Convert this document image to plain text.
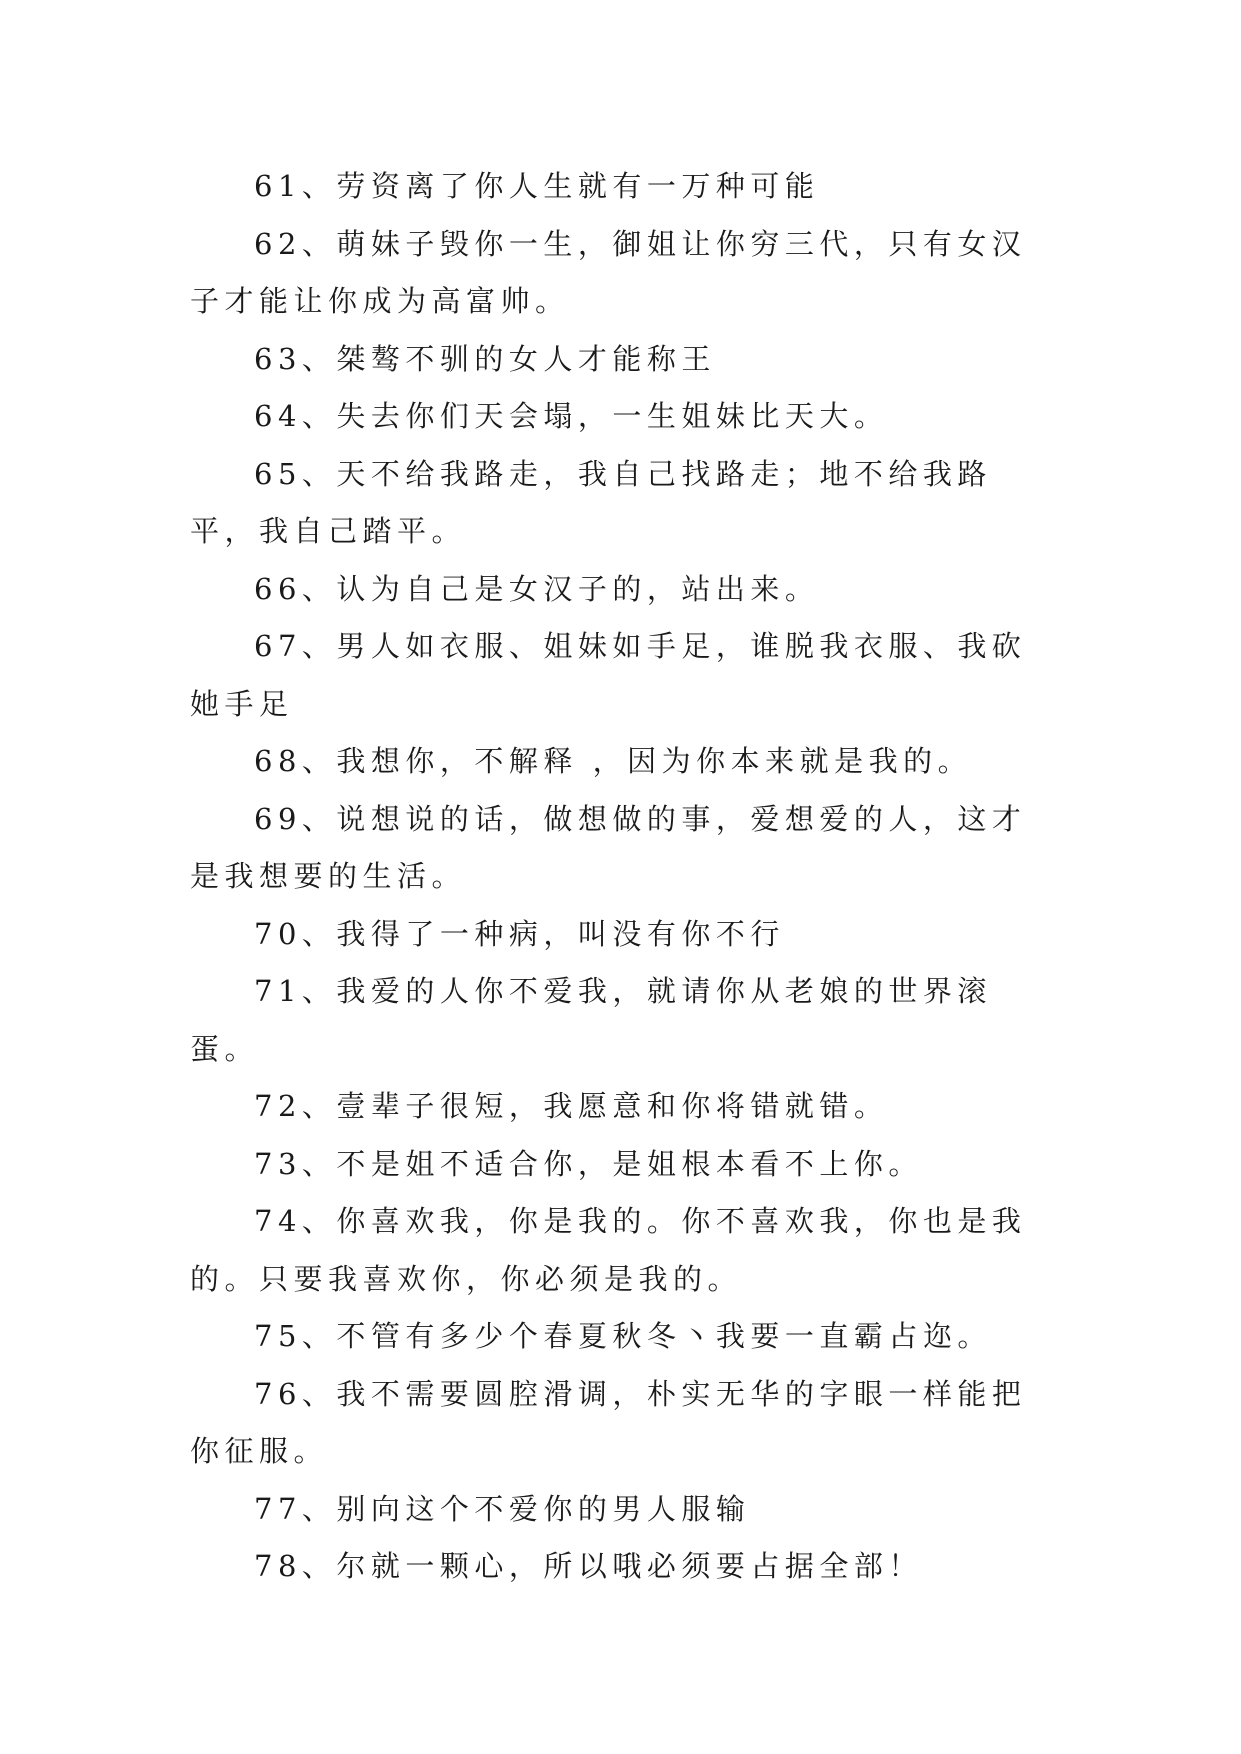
61、劳资离了你人生就有一万种可能

62、萌妹子毁你一生，御姐让你穷三代，只有女汉子才能让你成为高富帅。

63、桀骜不驯的女人才能称王

64、失去你们天会塌，一生姐妹比天大。

65、天不给我路走，我自己找路走；地不给我路平，我自己踏平。

66、认为自己是女汉子的，站出来。

67、男人如衣服、姐妹如手足，谁脱我衣服、我砍她手足

68、我想你，不解释 ，因为你本来就是我的。

69、说想说的话，做想做的事，爱想爱的人，这才是我想要的生活。

70、我得了一种病，叫没有你不行

71、我爱的人你不爱我，就请你从老娘的世界滚蛋。

72、壹辈子很短，我愿意和你将错就错。

73、不是姐不适合你，是姐根本看不上你。

74、你喜欢我，你是我的。你不喜欢我，你也是我的。只要我喜欢你，你必须是我的。

75、不管有多少个春夏秋冬丶我要一直霸占迩。

76、我不需要圆腔滑调，朴实无华的字眼一样能把你征服。

77、别向这个不爱你的男人服输

78、尔就一颗心，所以哦必须要占据全部！
